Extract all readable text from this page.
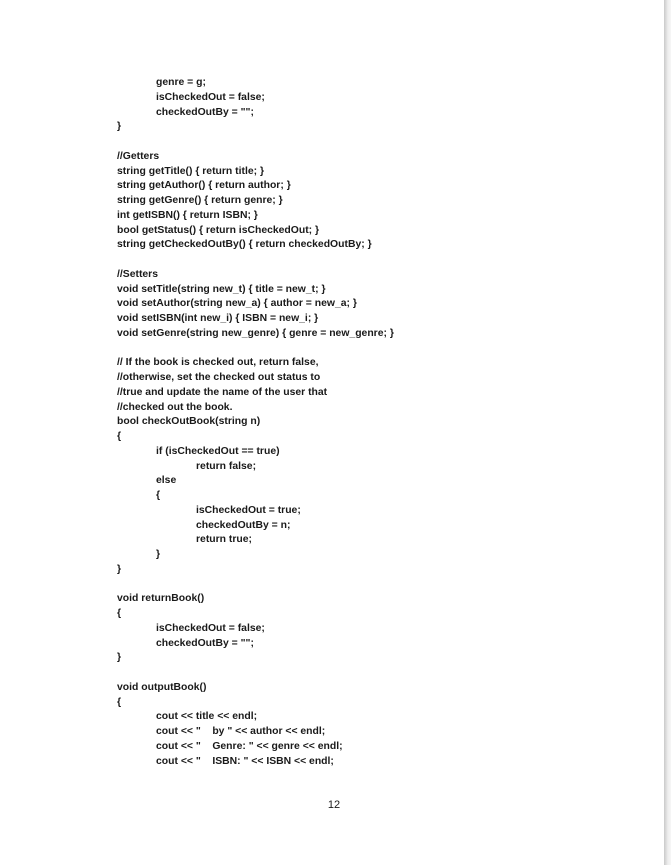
genre = g;
isCheckedOut = false;
checkedOutBy = "";
}
//Getters
string getTitle() { return title; }
string getAuthor() { return author; }
string getGenre() { return genre; }
int getISBN() { return ISBN; }
bool getStatus() { return isCheckedOut; }
string getCheckedOutBy() { return checkedOutBy; }
//Setters
void setTitle(string new_t) { title = new_t; }
void setAuthor(string new_a) { author = new_a; }
void setISBN(int new_i) { ISBN = new_i; }
void setGenre(string new_genre) { genre = new_genre; }
// If the book is checked out, return false,
//otherwise, set the checked out status to
//true and update the name of the user that
//checked out the book.
bool checkOutBook(string n)
{
if (isCheckedOut == true)
return false;
else
{
isCheckedOut = true;
checkedOutBy = n;
return true;
}
}
void returnBook()
{
isCheckedOut = false;
checkedOutBy = "";
}
void outputBook()
{
cout << title << endl;
cout << "    by " << author << endl;
cout << "    Genre: " << genre << endl;
cout << "    ISBN: " << ISBN << endl;
12
